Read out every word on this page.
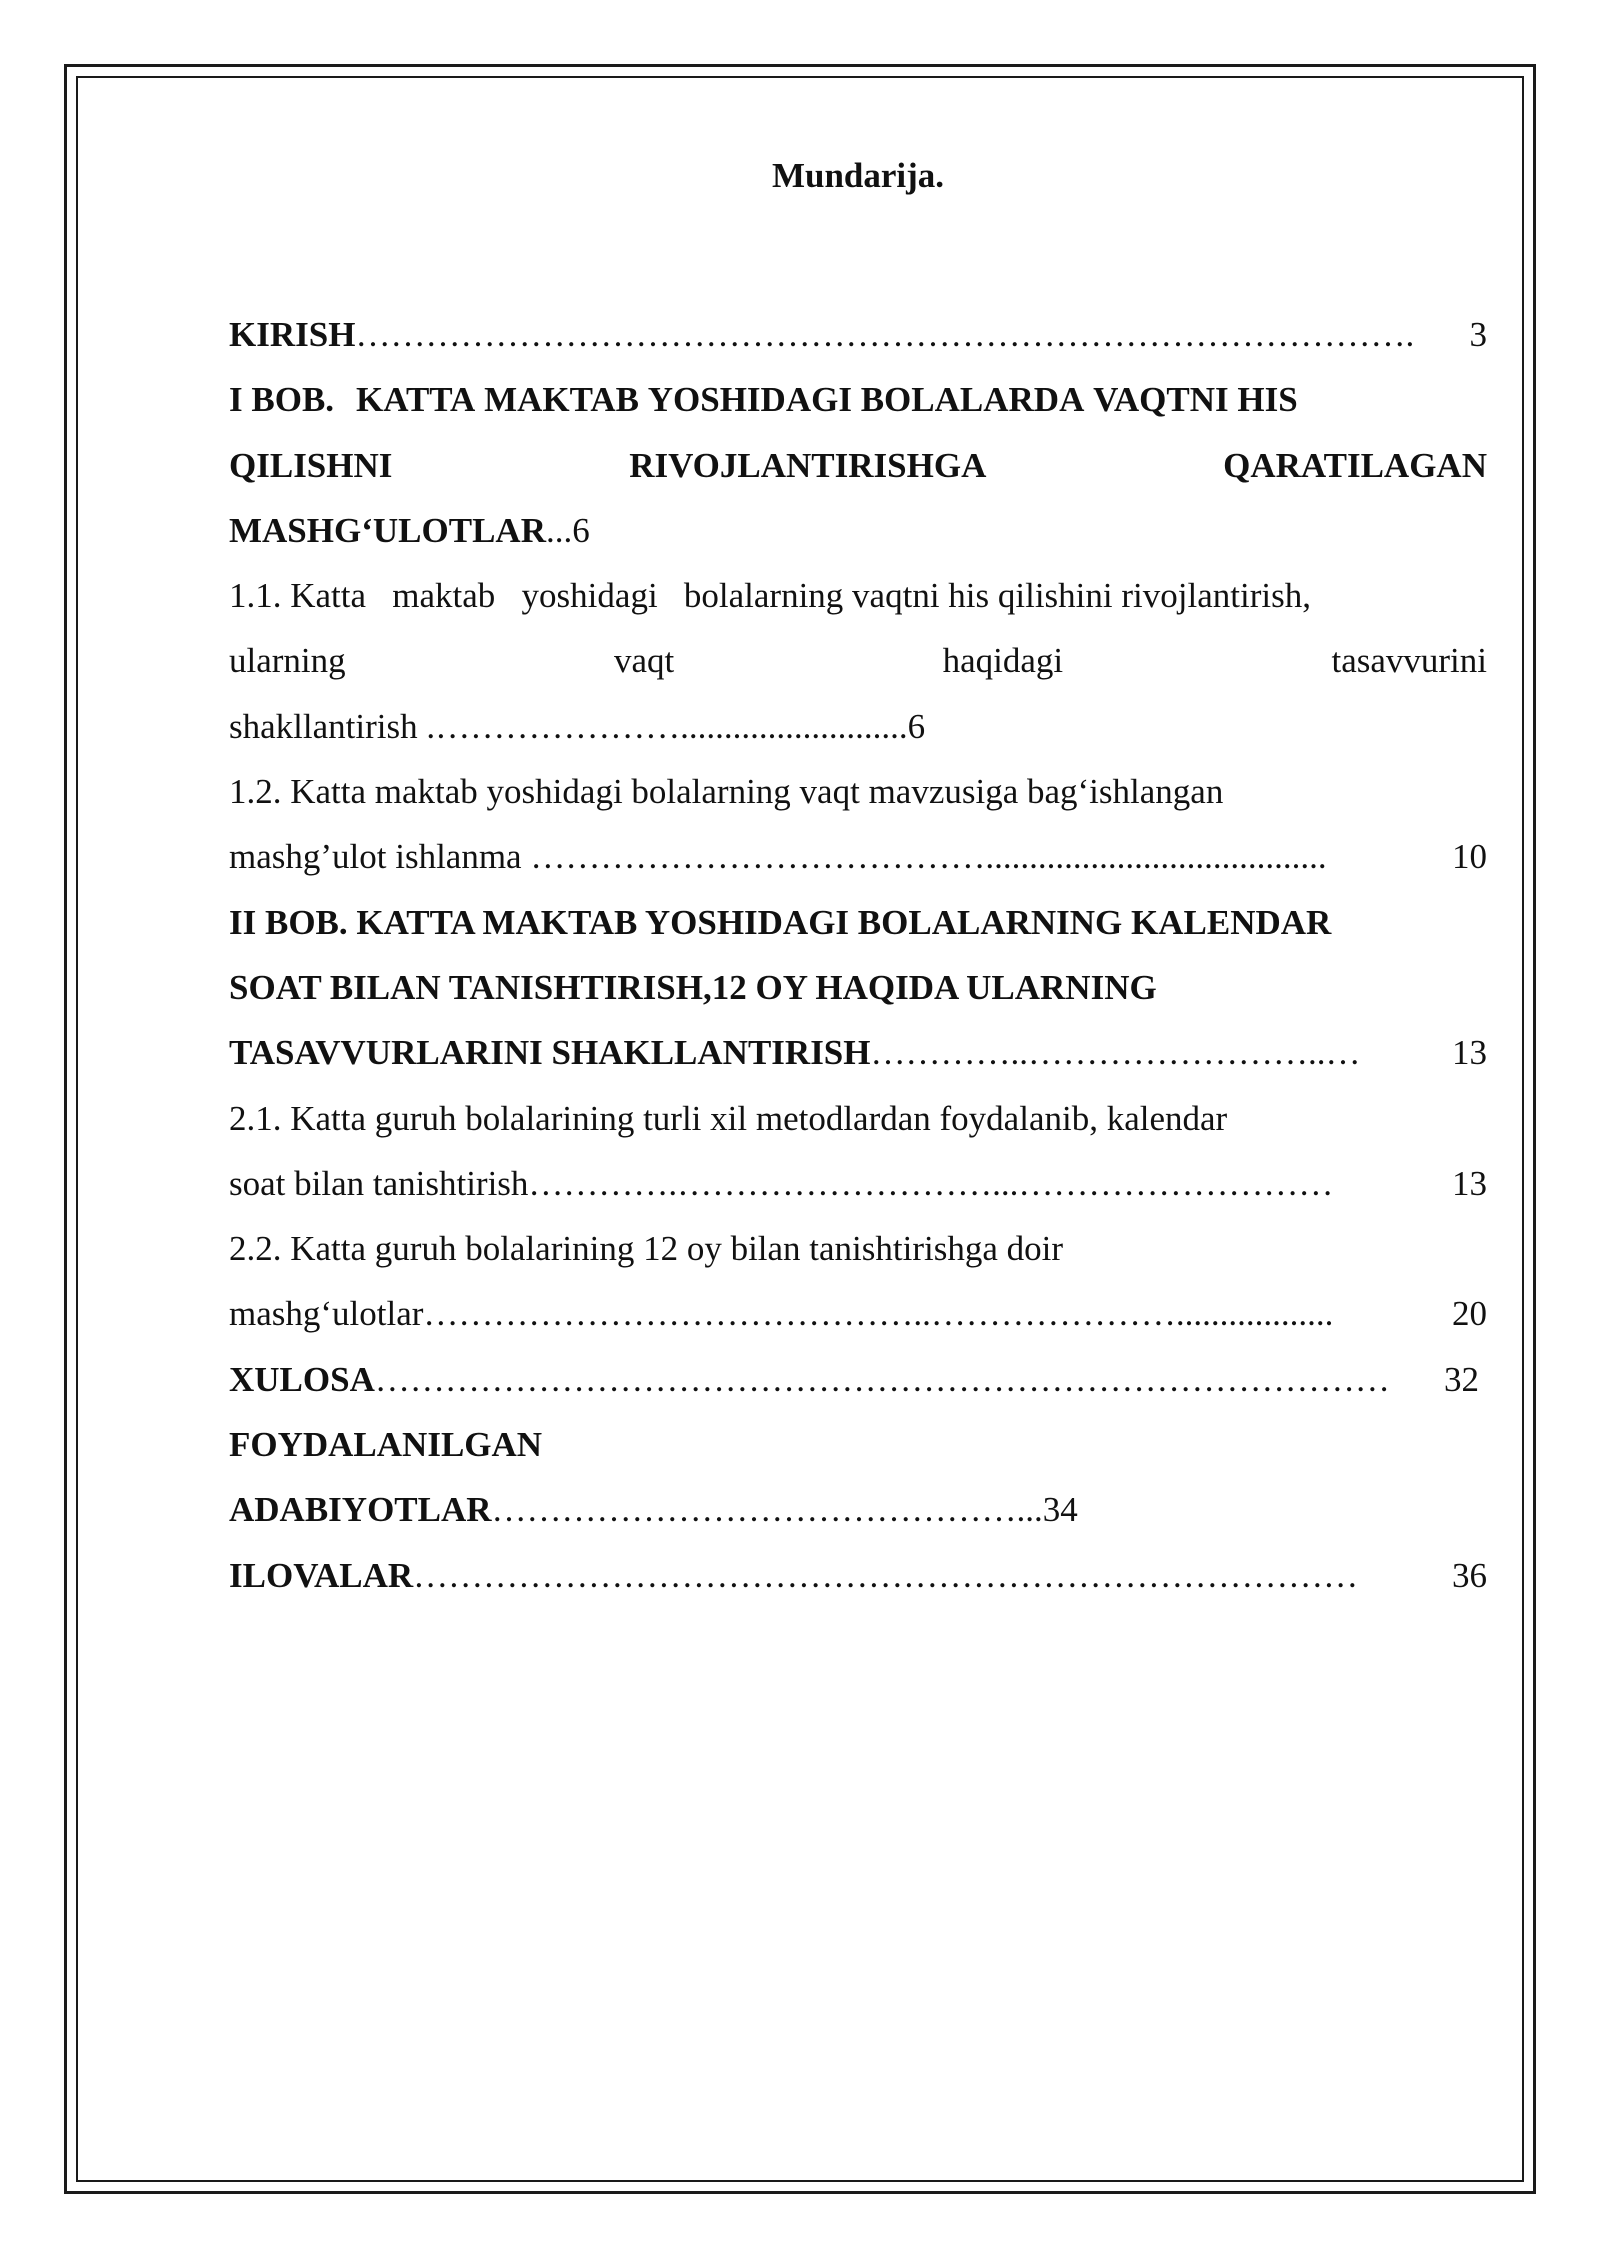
Mundarija.
KIRISH ……………………………………………………………………………….	3
I BOB. KATTA
MAKTAB
YOSHIDAGI
BOLALARDA
VAQTNI
HIS
QILISHNI	RIVOJLANTIRISHGA	QARATILAGAN
MASHG‘ULOTLAR...6
1.1. Katta   maktab   yoshidagi   bolalarning vaqtni his qilishini rivojlantirish,
ularning	vaqt	haqidagi	tasavvurini
shakllantirish .…………………..........................6
1.2. Katta maktab yoshidagi bolalarning vaqt mavzusiga bag‘ishlangan
mashg’ulot ishlanma ………………………………….......................................	10
II BOB. KATTA MAKTAB YOSHIDAGI BOLALARNING KALENDAR
SOAT BILAN TANISHTIRISH,12 OY HAQIDA ULARNING
TASAVVURLARINI SHAKLLANTIRISH …………..……………………..…	13
2.1. Katta guruh bolalarining turli xil metodlardan foydalanib, kalendar
soat bilan tanishtirish ………….………………………...………………………	13
2.2. Katta guruh bolalarining 12 oy bilan tanishtirishga doir
mashg‘ulotlar ……………………………………..…………………..................	20
XULOSA ……………………………………………………………………………	32
FOYDALANILGAN
ADABIYOTLAR………………………………………...34
ILOVALAR ………………………………………………………………………	36
